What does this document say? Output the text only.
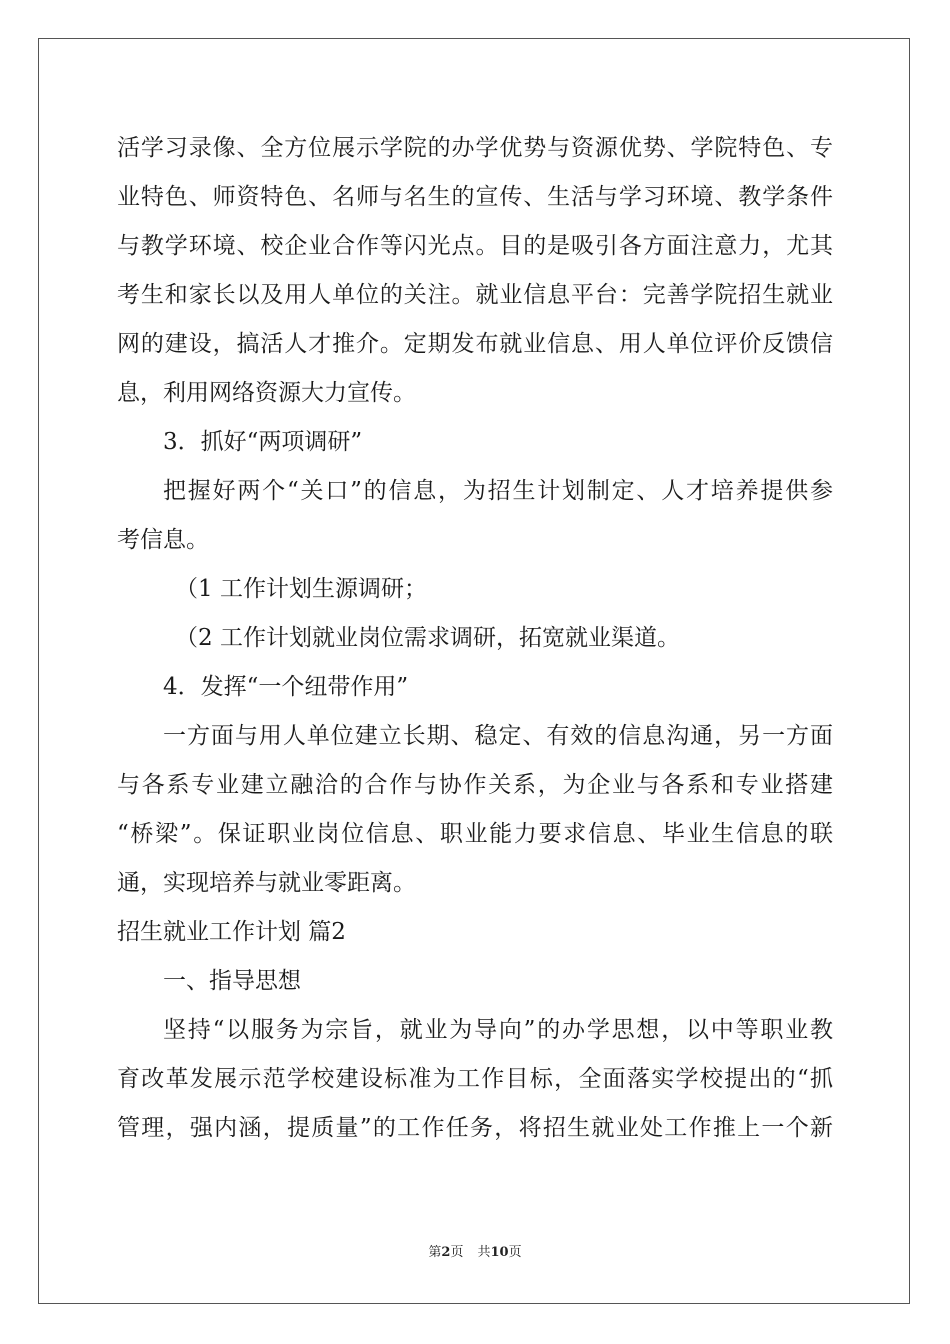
活学习录像、全方位展示学院的办学优势与资源优势、学院特色、专
业特色、师资特色、名师与名生的宣传、生活与学习环境、教学条件
与教学环境、校企业合作等闪光点。目的是吸引各方面注意力，尤其
考生和家长以及用人单位的关注。就业信息平台：完善学院招生就业
网的建设，搞活人才推介。定期发布就业信息、用人单位评价反馈信
息，利用网络资源大力宣传。
3．抓好“两项调研”
把握好两个“关口”的信息，为招生计划制定、人才培养提供参
考信息。
（1 工作计划生源调研；
（2 工作计划就业岗位需求调研，拓宽就业渠道。
4．发挥“一个纽带作用”
一方面与用人单位建立长期、稳定、有效的信息沟通，另一方面
与各系专业建立融洽的合作与协作关系，为企业与各系和专业搭建
“桥梁”。保证职业岗位信息、职业能力要求信息、毕业生信息的联
通，实现培养与就业零距离。
招生就业工作计划 篇2
一、指导思想
坚持“以服务为宗旨，就业为导向”的办学思想，以中等职业教
育改革发展示范学校建设标准为工作目标，全面落实学校提出的“抓
管理，强内涵，提质量”的工作任务，将招生就业处工作推上一个新
第2页 共10页
